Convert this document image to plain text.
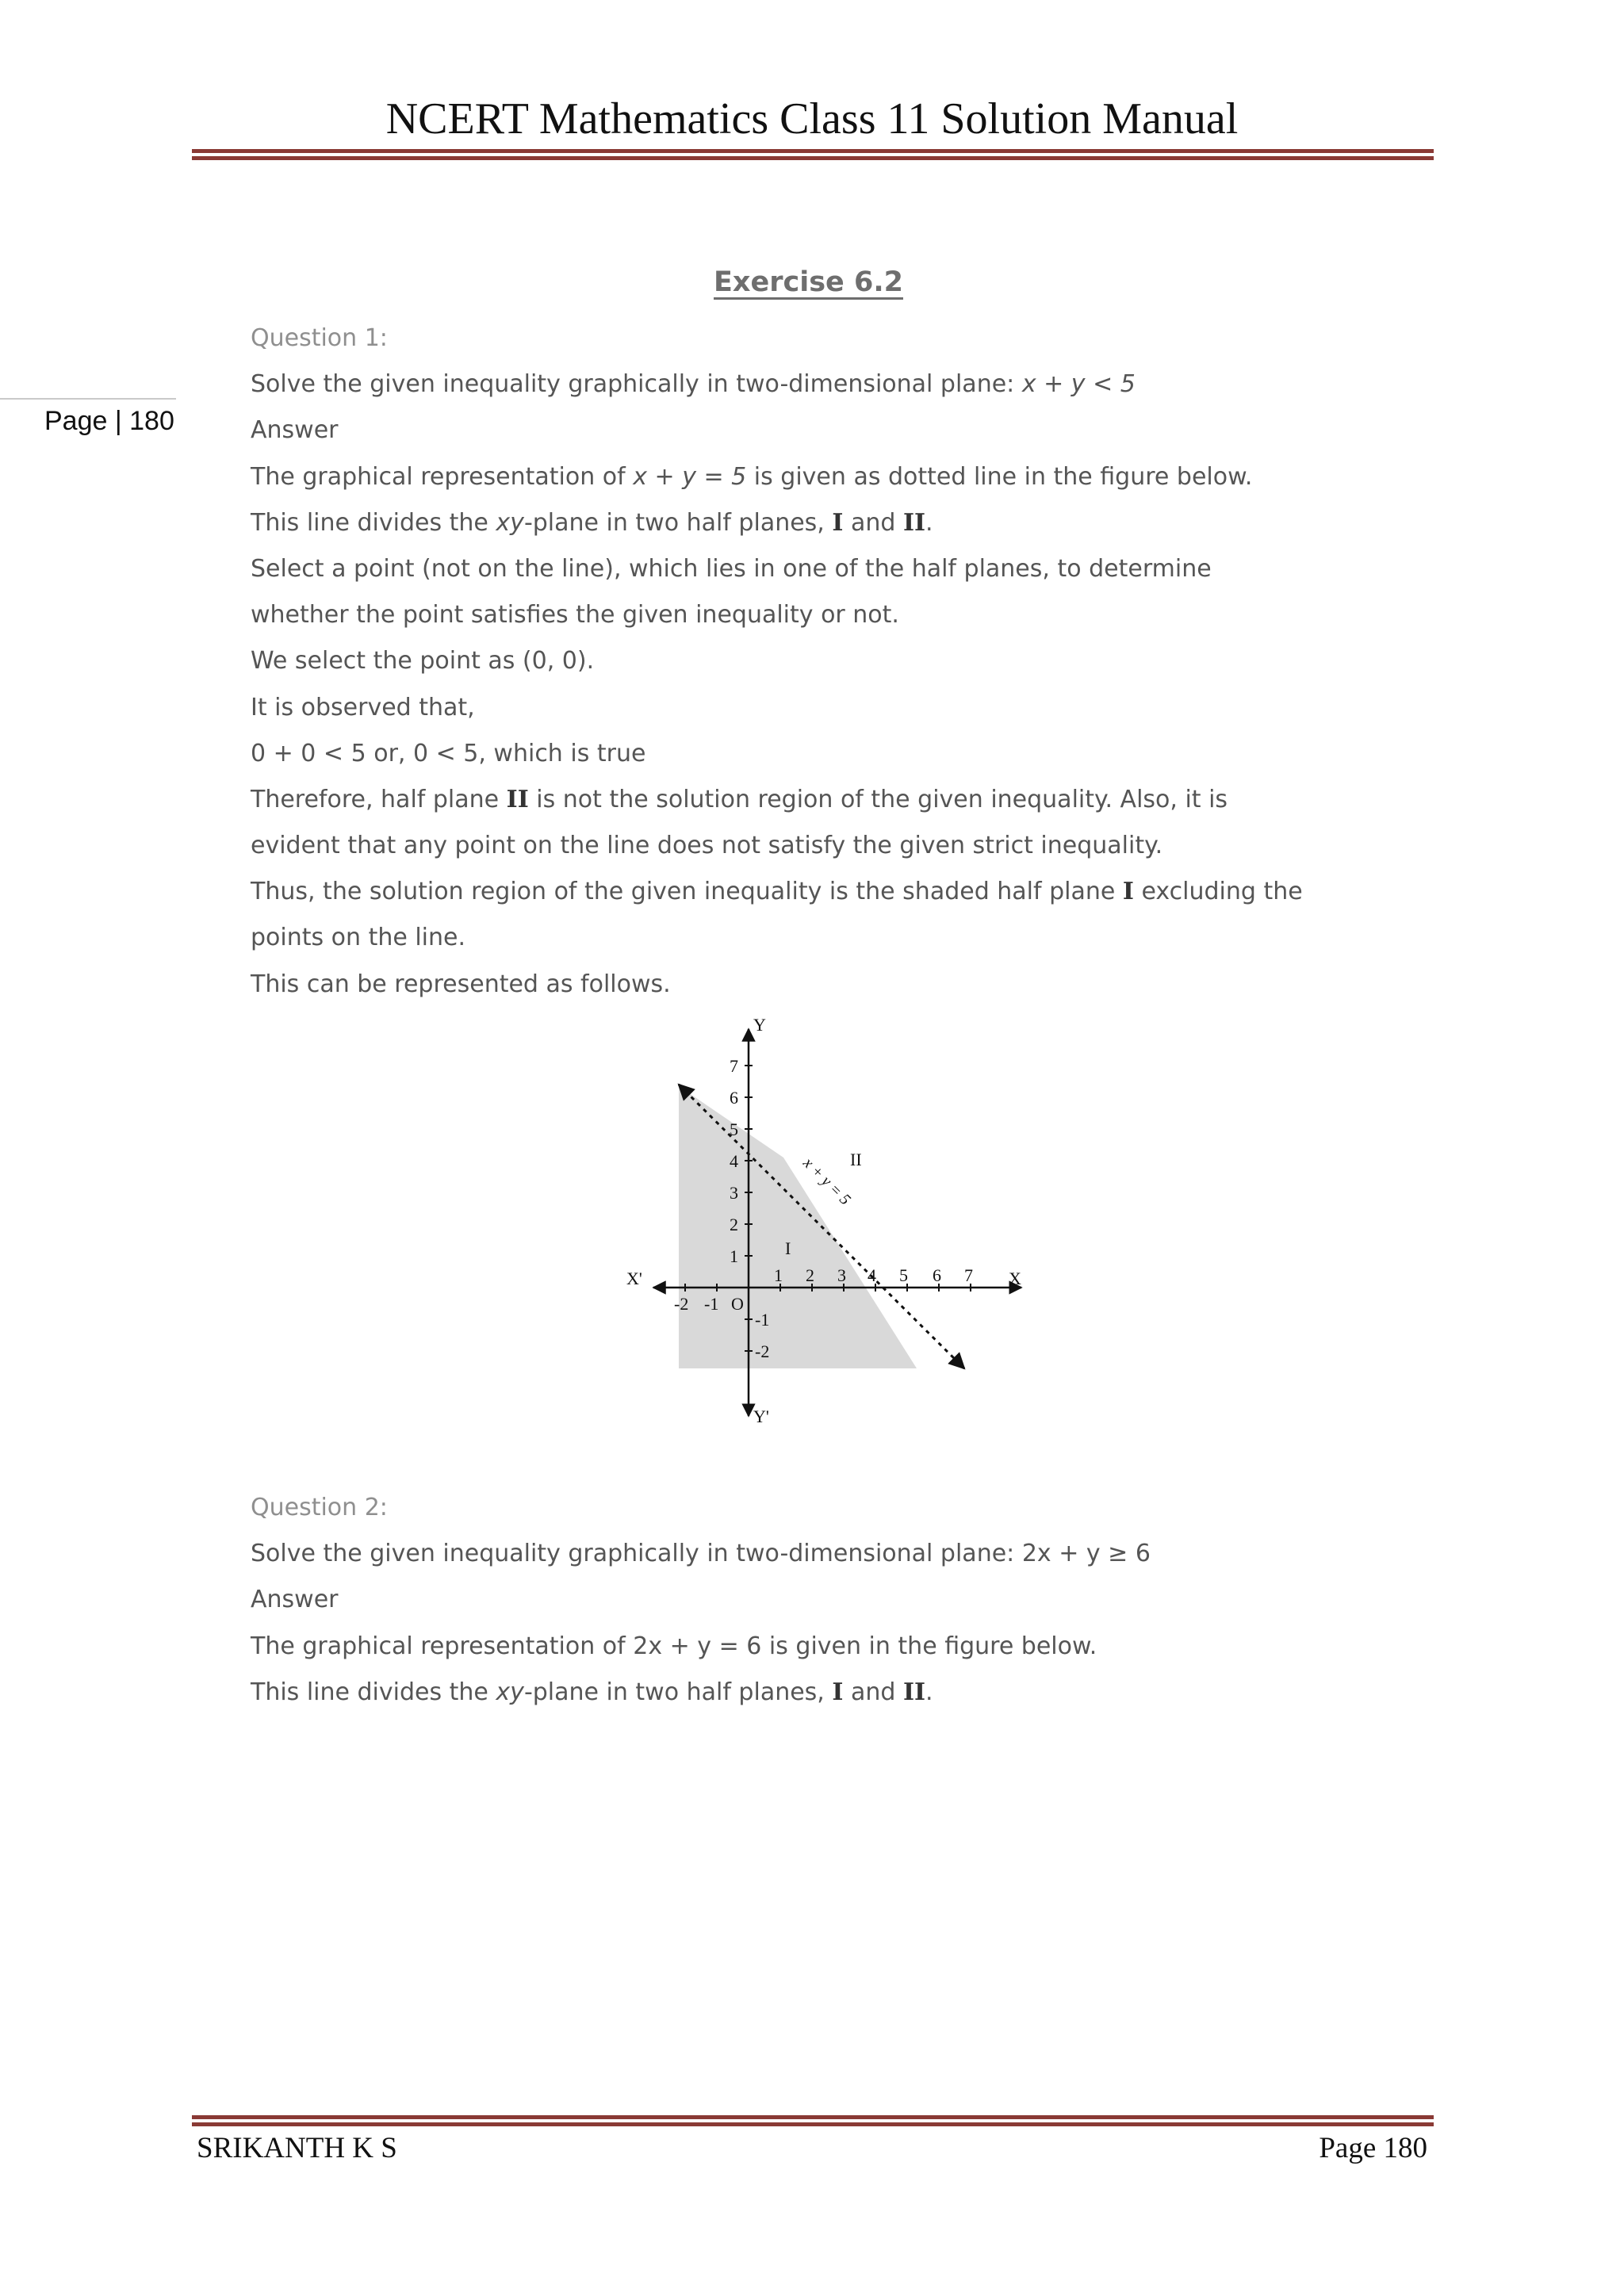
NCERT Mathematics Class 11 Solution Manual
Page | 180
Exercise 6.2
Question 1:
Solve the given inequality graphically in two-dimensional plane: x + y < 5
Answer
The graphical representation of x + y = 5 is given as dotted line in the figure below.
This line divides the xy-plane in two half planes, I and II.
Select a point (not on the line), which lies in one of the half planes, to determine
whether the point satisfies the given inequality or not.
We select the point as (0, 0).
It is observed that,
0 + 0 < 5 or, 0 < 5, which is true
Therefore, half plane II is not the solution region of the given inequality. Also, it is
evident that any point on the line does not satisfy the given strict inequality.
Thus, the solution region of the given inequality is the shaded half plane I excluding the
points on the line.
This can be represented as follows.
1 2 3 4 5 6 7
-2 -1 O
1
2
3
4
5
6
7
-1
-2
Y
Y'
X
X'
I
II
x + y = 5
Question 2:
Solve the given inequality graphically in two-dimensional plane: 2x + y ≥ 6
Answer
The graphical representation of 2x + y = 6 is given in the figure below.
This line divides the xy-plane in two half planes, I and II.
SRIKANTH K S	Page 180
